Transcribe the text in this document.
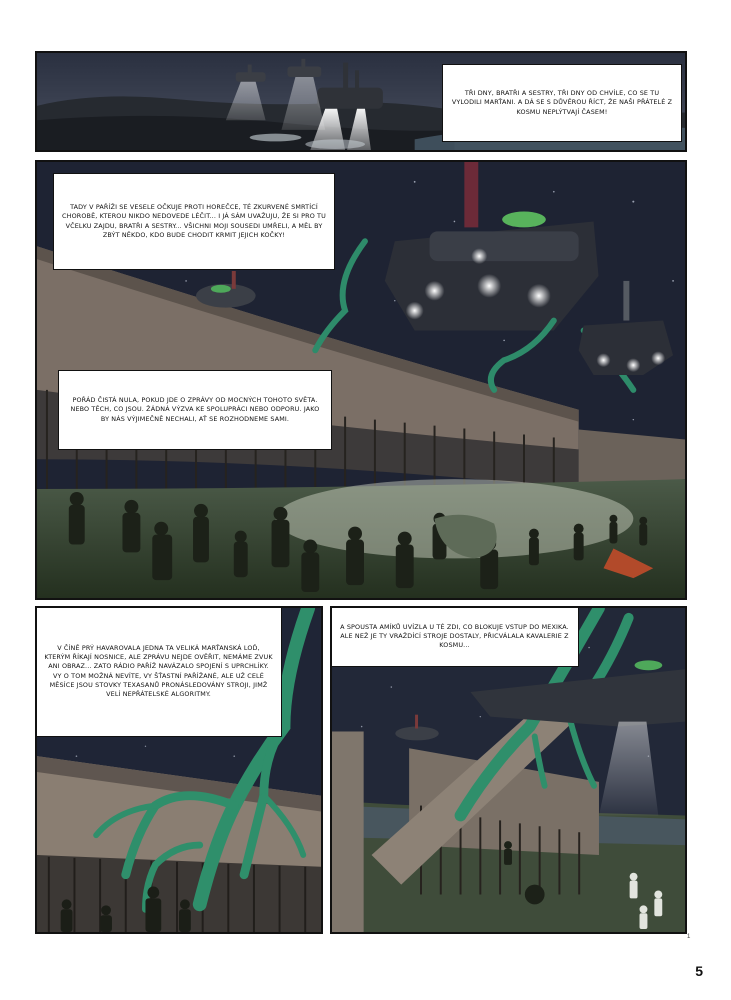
TŘI DNY, BRATŘI A SESTRY, TŘI DNY OD CHVÍLE, CO SE TU VYLODILI MARŤANI. A DÁ SE S DŮVĚROU ŘÍCT, ŽE NAŠI PŘÁTELÉ Z KOSMU NEPLÝTVAJÍ ČASEM!
TADY V PAŘÍŽI SE VESELE OČKUJE PROTI HOREČCE, TÉ ZKURVENÉ SMRTÍCÍ CHOROBĚ, KTEROU NIKDO NEDOVEDE LÉČIT... I JÁ SÁM UVAŽUJU, ŽE SI PRO TU VČELKU ZAJDU, BRATŘI A SESTRY... VŠICHNI MOJI SOUSEDI UMŘELI, A MĚL BY ZBÝT NĚKDO, KDO BUDE CHODIT KRMIT JEJICH KOČKY!
POŘÁD ČISTÁ NULA, POKUD JDE O ZPRÁVY OD MOCNÝCH TOHOTO SVĚTA. NEBO TĚCH, CO JSOU. ŽÁDNÁ VÝZVA KE SPOLUPRÁCI NEBO ODPORU. JAKO BY NÁS VÝJIMEČNĚ NECHALI, AŤ SE ROZHODNEME SAMI.
V ČÍNĚ PRÝ HAVAROVALA JEDNA TA VELIKÁ MARŤANSKÁ LOĎ, KTERÝM ŘÍKAJÍ NOSNICE, ALE ZPRÁVU NEJDE OVĚŘIT, NEMÁME ZVUK ANI OBRAZ... ZATO RÁDIO PAŘÍŽ NAVÁZALO SPOJENÍ S UPRCHLÍKY. VY O TOM MOŽNÁ NEVÍTE, VY ŠŤASTNÍ PAŘÍŽANÉ, ALE UŽ CELÉ MĚSÍCE JSOU STOVKY TEXASANŮ PRONÁSLEDOVÁNY STROJI, JIMŽ VELÍ NEPŘÁTELSKÉ ALGORITMY.
A SPOUSTA AMÍKŮ UVÍZLA U TÉ ZDI, CO BLOKUJE VSTUP DO MEXIKA. ALE NEŽ JE TY VRAŽDÍCÍ STROJE DOSTALY, PŘICVÁLALA KAVALERIE Z KOSMU...
1
5
